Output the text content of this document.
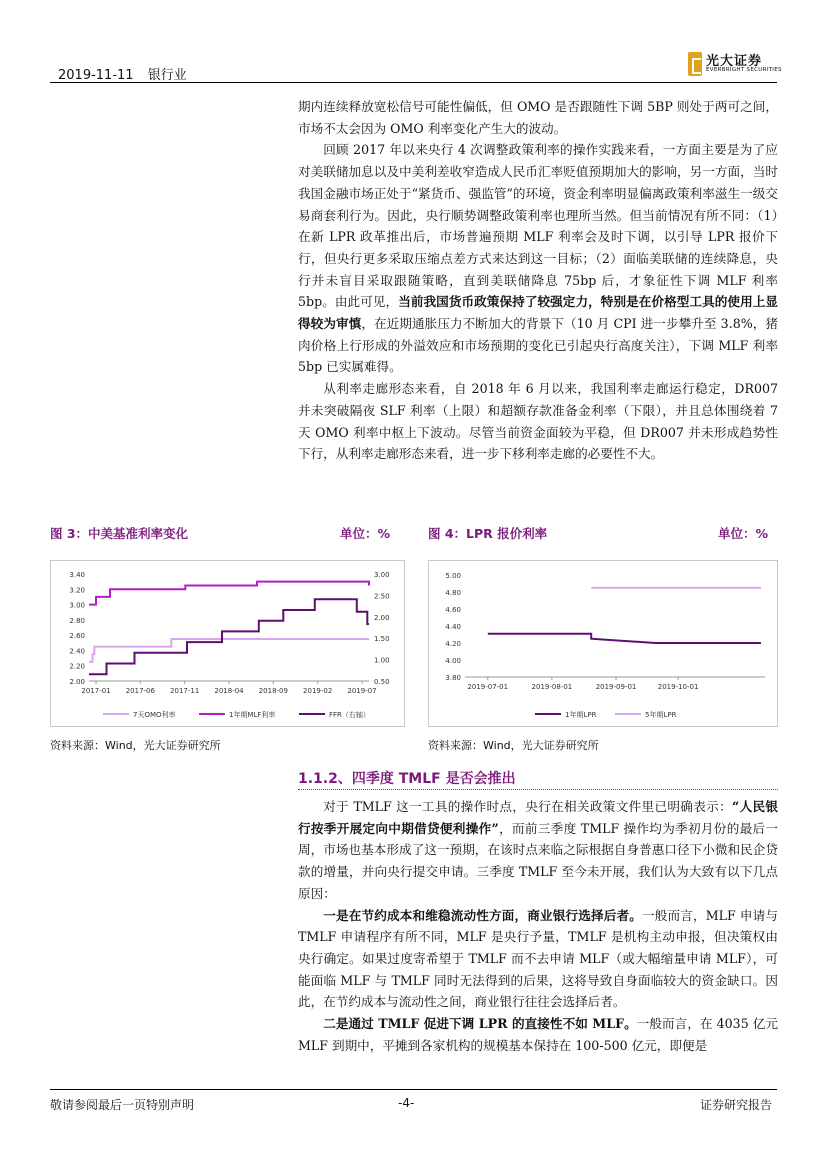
2019-11-11 银行业
光大证券
EVERBRIGHT SECURITIES

期内连续释放宽松信号可能性偏低，但 OMO 是否跟随性下调 5BP 则处于两可之间，市场不太会因为 OMO 利率变化产生大的波动。

回顾 2017 年以来央行 4 次调整政策利率的操作实践来看，一方面主要是为了应对美联储加息以及中美利差收窄造成人民币汇率贬值预期加大的影响，另一方面，当时我国金融市场正处于“紧货币、强监管”的环境，资金利率明显偏离政策利率滋生一级交易商套利行为。因此，央行顺势调整政策利率也理所当然。但当前情况有所不同：（1）在新 LPR 政革推出后，市场普遍预期 MLF 利率会及时下调，以引导 LPR 报价下行，但央行更多采取压缩点差方式来达到这一目标；（2）面临美联储的连续降息，央行并未盲目采取跟随策略，直到美联储降息 75bp 后，才象征性下调 MLF 利率 5bp。由此可见，当前我国货币政策保持了较强定力，特别是在价格型工具的使用上显得较为审慎，在近期通胀压力不断加大的背景下（10 月 CPI 进一步攀升至 3.8%，猪肉价格上行形成的外溢效应和市场预期的变化已引起央行高度关注），下调 MLF 利率 5bp 已实属难得。

从利率走廊形态来看，自 2018 年 6 月以来，我国利率走廊运行稳定，DR007 并未突破隔夜 SLF 利率（上限）和超额存款准备金利率（下限），并且总体围绕着 7 天 OMO 利率中枢上下波动。尽管当前资金面较为平稳，但 DR007 并未形成趋势性下行，从利率走廊形态来看，进一步下移利率走廊的必要性不大。

图 3：中美基准利率变化	单位：%
2.00
2.20
2.40
2.60
2.80
3.00
3.20
3.40
0.50
1.00
1.50
2.00
2.50
3.00
2017-01 2017-06 2017-11 2018-04 2018-09 2019-02 2019-07
7天OMO利率	1年期MLF利率	FFR（右轴）
资料来源：Wind，光大证券研究所
图 4：LPR 报价利率	单位：%
3.80
4.00
4.20
4.40
4.60
4.80
5.00
2019-07-01	2019-08-01	2019-09-01	2019-10-01
1年期LPR	5年期LPR
资料来源：Wind，光大证券研究所
1.1.2、四季度 TMLF 是否会推出

对于 TMLF 这一工具的操作时点，央行在相关政策文件里已明确表示：“人民银行按季开展定向中期借贷便利操作”，而前三季度 TMLF 操作均为季初月份的最后一周，市场也基本形成了这一预期，在该时点来临之际根据自身普惠口径下小微和民企贷款的增量，并向央行提交申请。三季度 TMLF 至今未开展，我们认为大致有以下几点原因：

一是在节约成本和维稳流动性方面，商业银行选择后者。一般而言，MLF 申请与TMLF 申请程序有所不同，MLF 是央行予量，TMLF 是机构主动申报，但决策权由央行确定。如果过度寄希望于 TMLF 而不去申请 MLF（或大幅缩量申请 MLF），可能面临 MLF 与 TMLF 同时无法得到的后果，这将导致自身面临较大的资金缺口。因此，在节约成本与流动性之间，商业银行往往会选择后者。

二是通过 TMLF 促进下调 LPR 的直接性不如 MLF。一般而言，在 4035 亿元 MLF 到期中，平摊到各家机构的规模基本保持在 100-500 亿元，即便是

敬请参阅最后一页特别声明	-4-	证券研究报告
